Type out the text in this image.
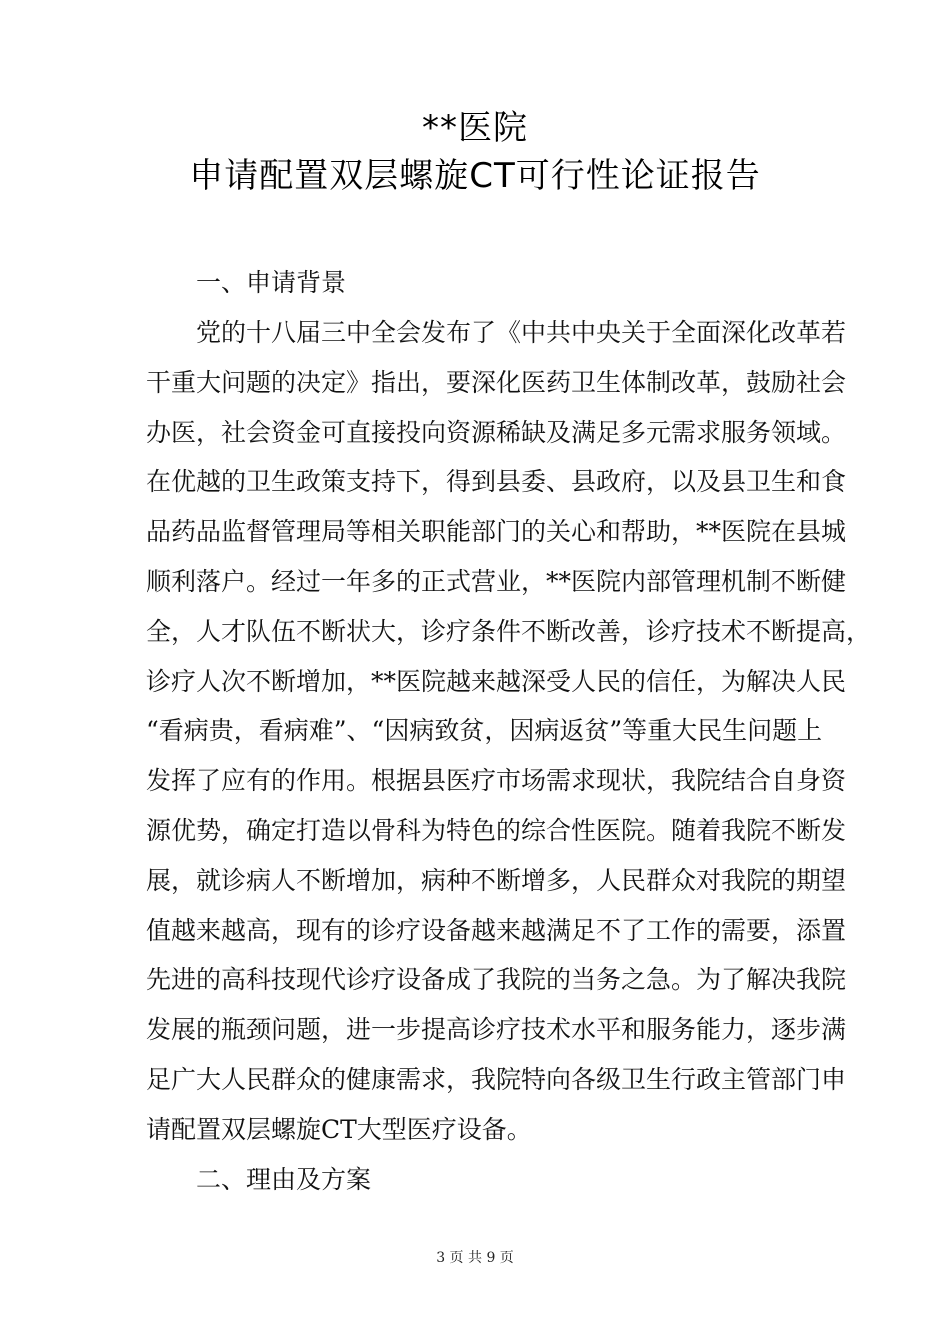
**医院
申请配置双层螺旋CT可行性论证报告
一、申请背景

　　党的十八届三中全会发布了《中共中央关于全面深化改革若
干重大问题的决定》指出，要深化医药卫生体制改革，鼓励社会
办医，社会资金可直接投向资源稀缺及满足多元需求服务领域。
在优越的卫生政策支持下，得到县委、县政府，以及县卫生和食
品药品监督管理局等相关职能部门的关心和帮助，**医院在县城
顺利落户。经过一年多的正式营业，**医院内部管理机制不断健
全，人才队伍不断状大，诊疗条件不断改善，诊疗技术不断提高，
诊疗人次不断增加，**医院越来越深受人民的信任，为解决人民
“看病贵，看病难”、“因病致贫，因病返贫”等重大民生问题上
发挥了应有的作用。根据县医疗市场需求现状，我院结合自身资
源优势，确定打造以骨科为特色的综合性医院。随着我院不断发
展，就诊病人不断增加，病种不断增多，人民群众对我院的期望
值越来越高，现有的诊疗设备越来越满足不了工作的需要，添置
先进的高科技现代诊疗设备成了我院的当务之急。为了解决我院
发展的瓶颈问题，进一步提高诊疗技术水平和服务能力，逐步满
足广大人民群众的健康需求，我院特向各级卫生行政主管部门申
请配置双层螺旋CT大型医疗设备。

二、理由及方案
3 页 共 9 页
